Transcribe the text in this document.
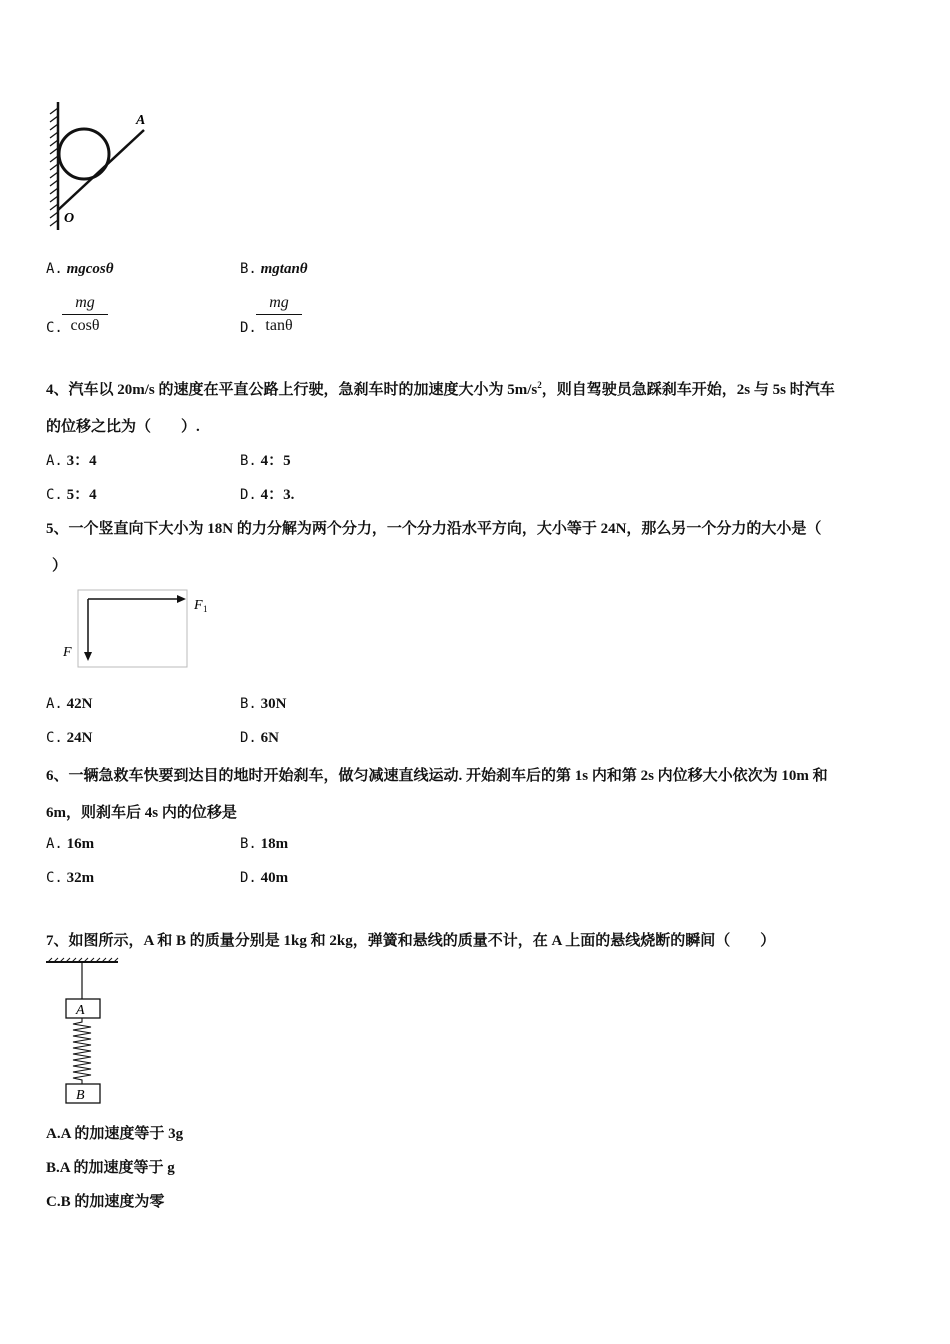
A
O
A. mgcosθ	B. mgtanθ
C. $\frac{mg}{\cos\theta}$	D. $\frac{mg}{\tan\theta}$
4、汽车以 20m/s 的速度在平直公路上行驶，急刹车时的加速度大小为 $5m/s^2$，则自驾驶员急踩刹车开始，2s 与 5s 时汽车
的位移之比为（　　）.
A. 3：4	B. 4：5
C. 5：4	D. 4：3.
5、一个竖直向下大小为 18N 的力分解为两个分力，一个分力沿水平方向，大小等于 24N，那么另一个分力的大小是（
）
F 1
F
A. 42N	B. 30N
C. 24N	D. 6N
6、一辆急救车快要到达目的地时开始刹车，做匀减速直线运动. 开始刹车后的第 1s 内和第 2s 内位移大小依次为 10m 和
6m，则刹车后 4s 内的位移是
A. 16m	B. 18m
C. 32m	D. 40m
7、如图所示，A 和 B 的质量分别是 1kg 和 2kg，弹簧和悬线的质量不计，在 A 上面的悬线烧断的瞬间（　　）
A
B
A.A 的加速度等于 3g
B.A 的加速度等于 g
C.B 的加速度为零
